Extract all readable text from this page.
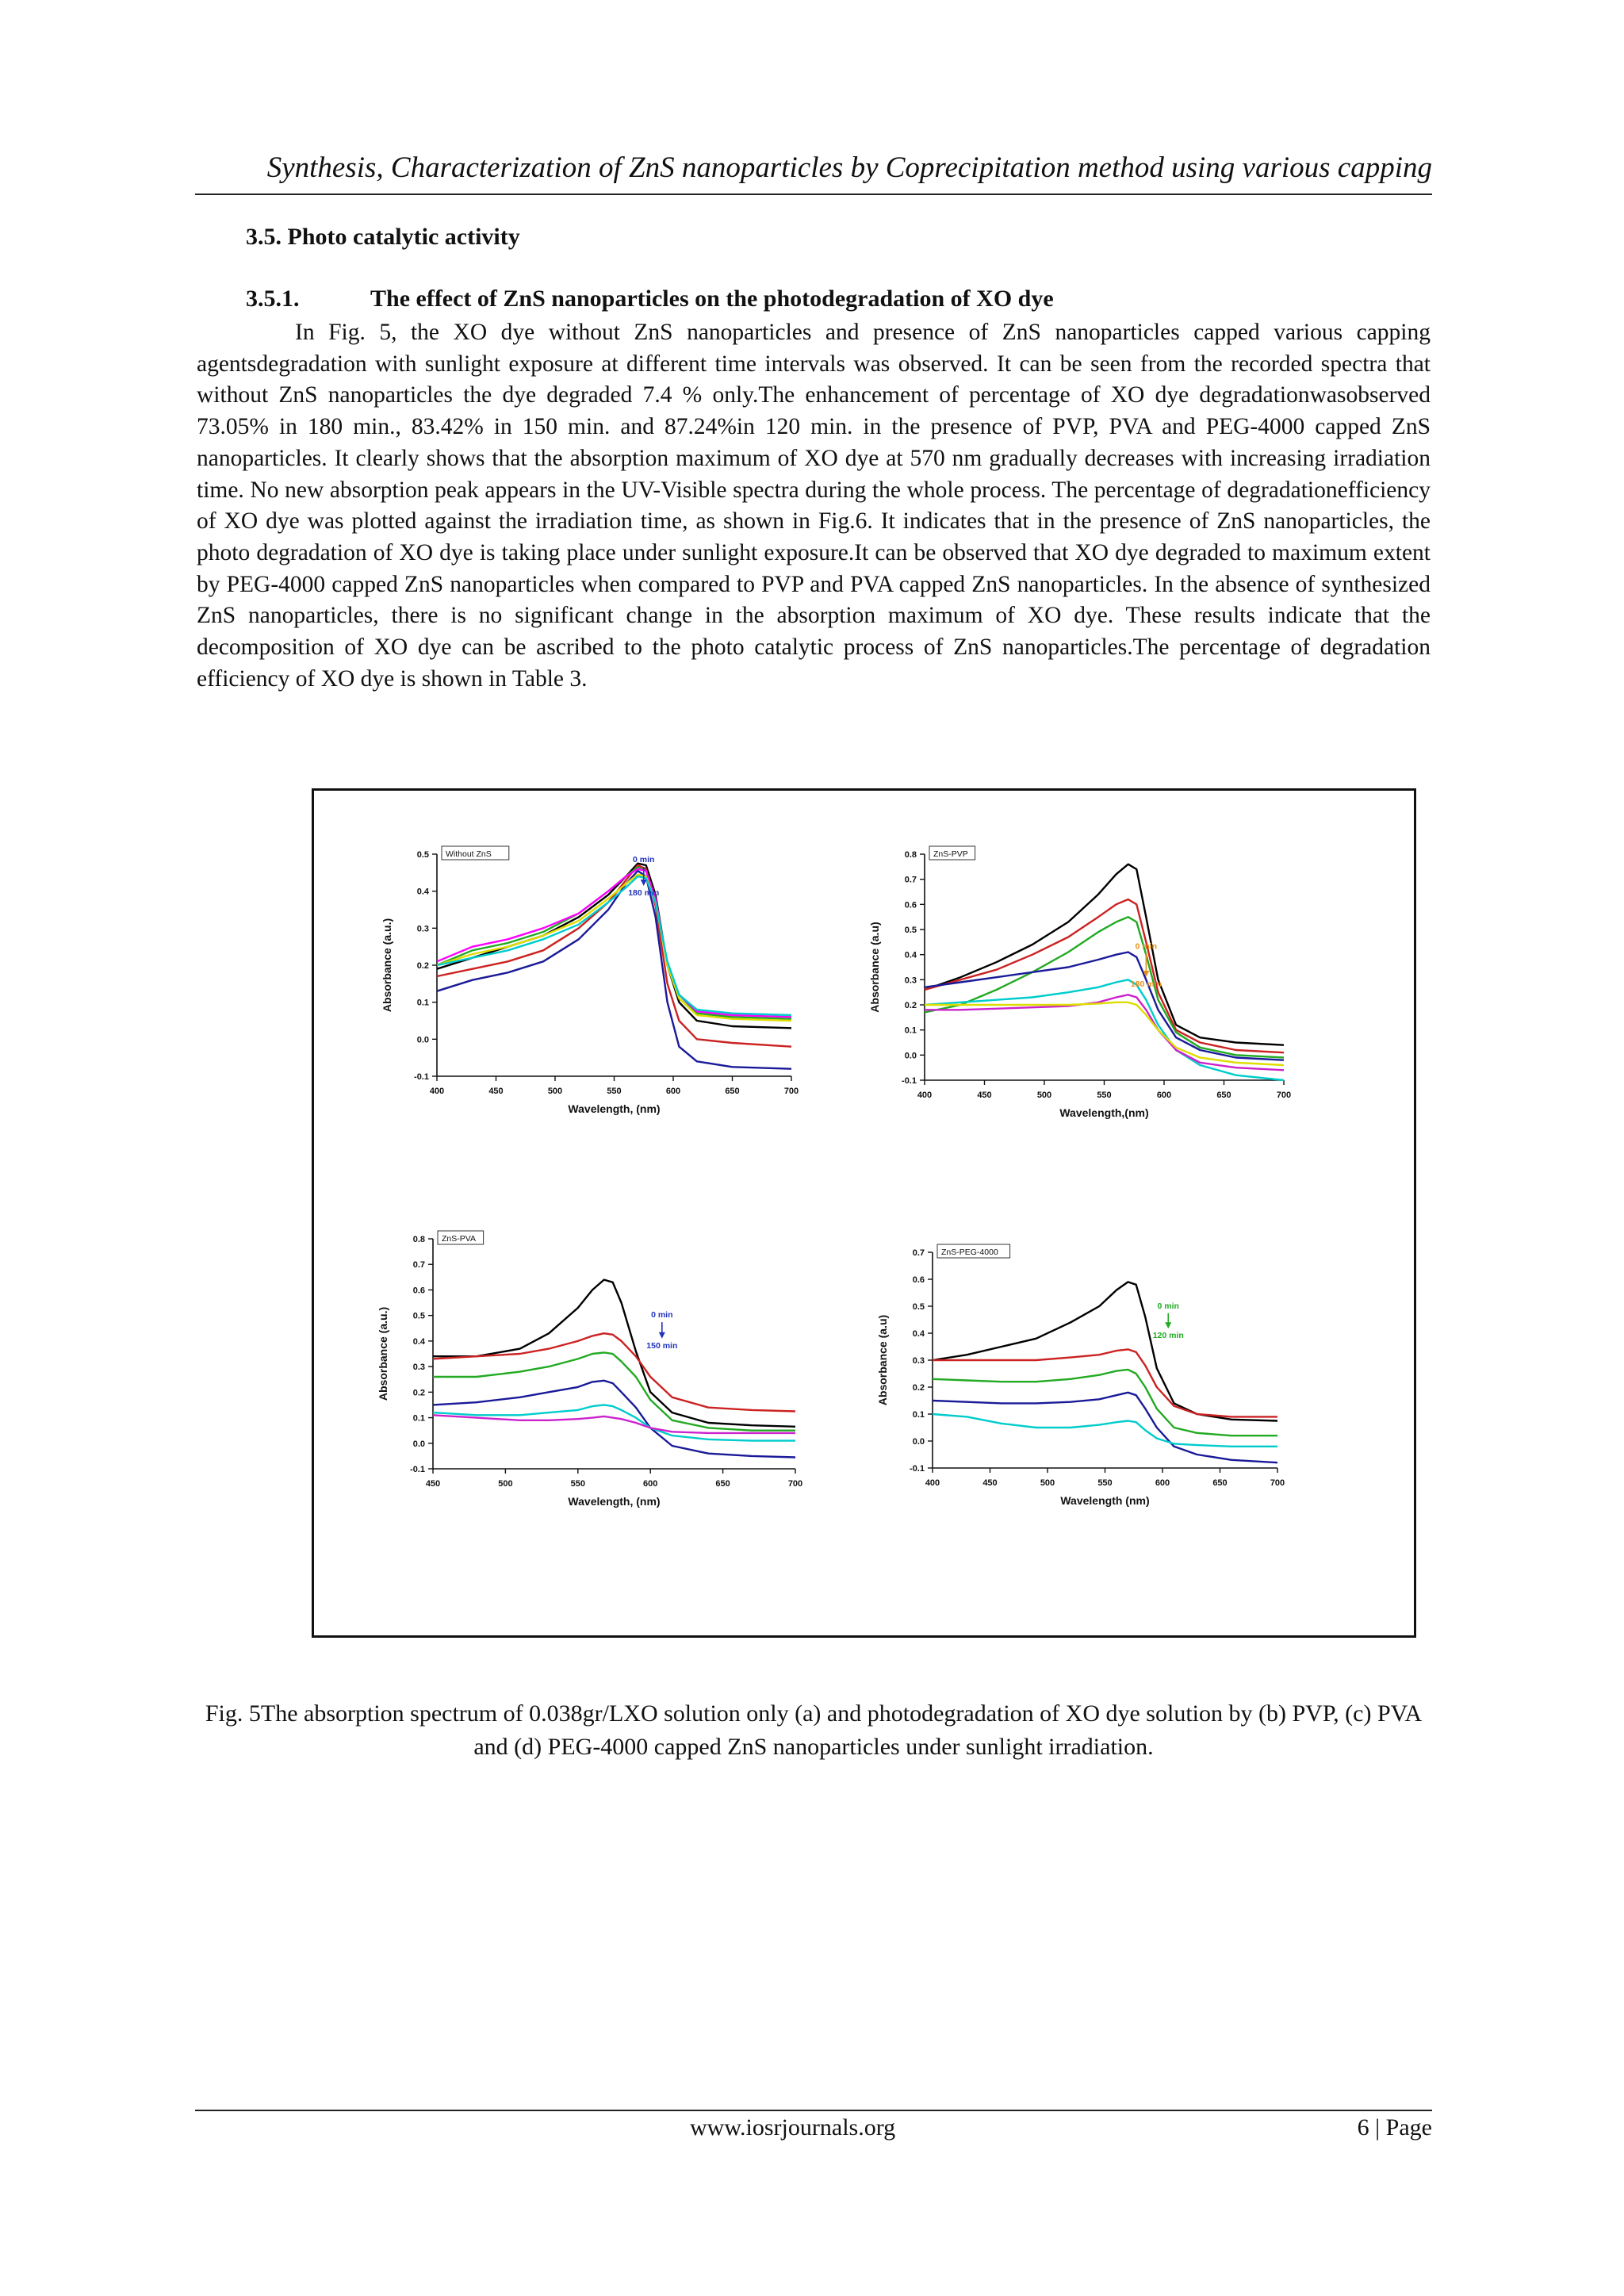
Synthesis, Characterization of ZnS nanoparticles by Coprecipitation method using various capping
3.5. Photo catalytic activity
3.5.1.	The effect of ZnS nanoparticles on the photodegradation of XO dye

In Fig. 5, the XO dye without ZnS nanoparticles and presence of ZnS nanoparticles capped various capping agentsdegradation with sunlight exposure at different time intervals was observed. It can be seen from the recorded spectra that without ZnS nanoparticles the dye degraded 7.4 % only.The enhancement of percentage of XO dye degradationwasobserved 73.05% in 180 min., 83.42% in 150 min. and 87.24%in 120 min. in the presence of PVP, PVA and PEG-4000 capped ZnS nanoparticles. It clearly shows that the absorption maximum of XO dye at 570 nm gradually decreases with increasing irradiation time. No new absorption peak appears in the UV-Visible spectra during the whole process. The percentage of degradationefficiency of XO dye was plotted against the irradiation time, as shown in Fig.6. It indicates that in the presence of ZnS nanoparticles, the photo degradation of XO dye is taking place under sunlight exposure.It can be observed that XO dye degraded to maximum extent by PEG-4000 capped ZnS nanoparticles when compared to PVP and PVA capped ZnS nanoparticles. In the absence of synthesized ZnS nanoparticles, there is no significant change in the absorption maximum of XO dye. These results indicate that the decomposition of XO dye can be ascribed to the photo catalytic process of ZnS nanoparticles.The percentage of degradation efficiency of XO dye is shown in Table 3.

400	450	500	550	600	650	700
-0.1
0.0
0.1
0.2
0.3
0.4
0.5
Wavelength, (nm)
Absorbance (a.u.)
Without ZnS
0 min
180 min
400	450	500	550	600	650	700
-0.1
0.0
0.1
0.2
0.3
0.4
0.5
0.6
0.7
0.8
Wavelength,(nm)
Absorbance (a.u)
ZnS-PVP
0 min
180 min
450	500	550	600	650	700
-0.1
0.0
0.1
0.2
0.3
0.4
0.5
0.6
0.7
0.8
Wavelength, (nm)
Absorbance (a.u.)
ZnS-PVA
0 min
150 min
400	450	500	550	600	650	700
-0.1
0.0
0.1
0.2
0.3
0.4
0.5
0.6
0.7
Wavelength (nm)
Absorbance (a.u)
ZnS-PEG-4000
0 min
120 min
Fig. 5The absorption spectrum of 0.038gr/LXO solution only (a) and photodegradation of XO dye solution by (b) PVP, (c) PVA and (d) PEG-4000 capped ZnS nanoparticles under sunlight irradiation.
www.iosrjournals.org	6 | Page
